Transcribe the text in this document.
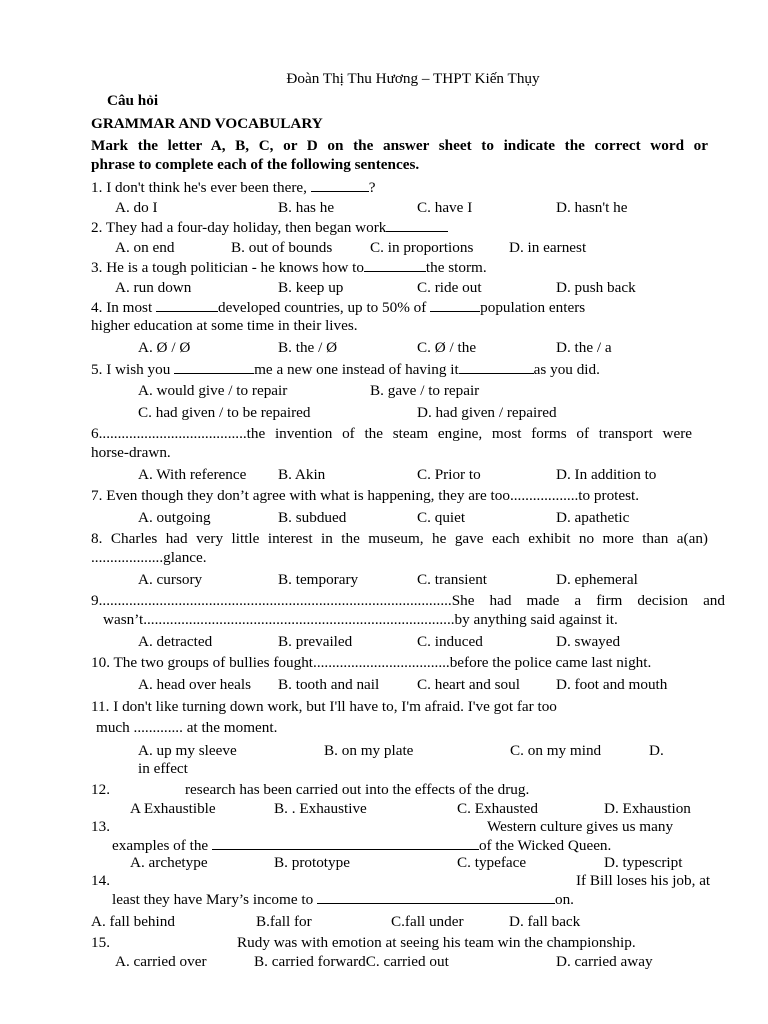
Đoàn Thị Thu Hương – THPT Kiến Thụy
Câu hỏi
GRAMMAR AND VOCABULARY
Mark the letter A, B, C, or D on the answer sheet to indicate the correct word or
phrase to complete each of the following sentences.
1. I don't think he's ever been there,	?
A. do I	B. has he	C. have I	D. hasn't he
2. They had a four-day holiday, then began work
A. on end	B. out of bounds C. in proportions D. in earnest
3. He is a tough politician - he knows how to	the storm.
A. run down	B. keep up	C. ride out	D. push back
4. In most	developed countries, up to 50% of	population enters
higher education at some time in their lives.
A. Ø / Ø	B. the / Ø	C. Ø / the	D. the / a
5. I wish you	me a new one instead of having it	as you did.
A. would give / to repair	B. gave / to repair
C. had given / to be repaired	D. had given / repaired
6.......................................the invention of the steam engine, most forms of transport were
horse-drawn.
A. With reference B. Akin	C. Prior to	D. In addition to
7. Even though they don’t agree with what is happening, they are too..................to protest.
A. outgoing	B. subdued	C. quiet	D. apathetic
8. Charles had very little interest in the museum, he gave each exhibit no more than a(an)
...................glance.
A. cursory	B. temporary	C. transient	D. ephemeral
9.............................................................................................She had made a firm decision and
wasn’t..................................................................................by anything said against it.
A. detracted	B. prevailed	C. induced	D. swayed
10. The two groups of bullies fought....................................before the police came last night.
A. head over heals B. tooth and nail C. heart and soul D. foot and mouth
11. I don't like turning down work, but I'll have to, I'm afraid. I've got far too
much ............. at the moment.
A. up my sleeve	B. on my plate	C. on my mind	D.
in effect
12.	research has been carried out into the effects of the drug.
A Exhaustible	B. . Exhaustive	C. Exhausted	D. Exhaustion
13.	Western culture gives us many
examples of the	of the Wicked Queen.
A. archetype	B. prototype	C. typeface	D. typescript
14.	If Bill loses his job, at
least they have Mary’s income to	on.
A. fall behind	B.fall for	C.fall under	D. fall back
15.	Rudy was with emotion at seeing his team win the championship.
A. carried over	B. carried forwardC. carried out	D. carried away
